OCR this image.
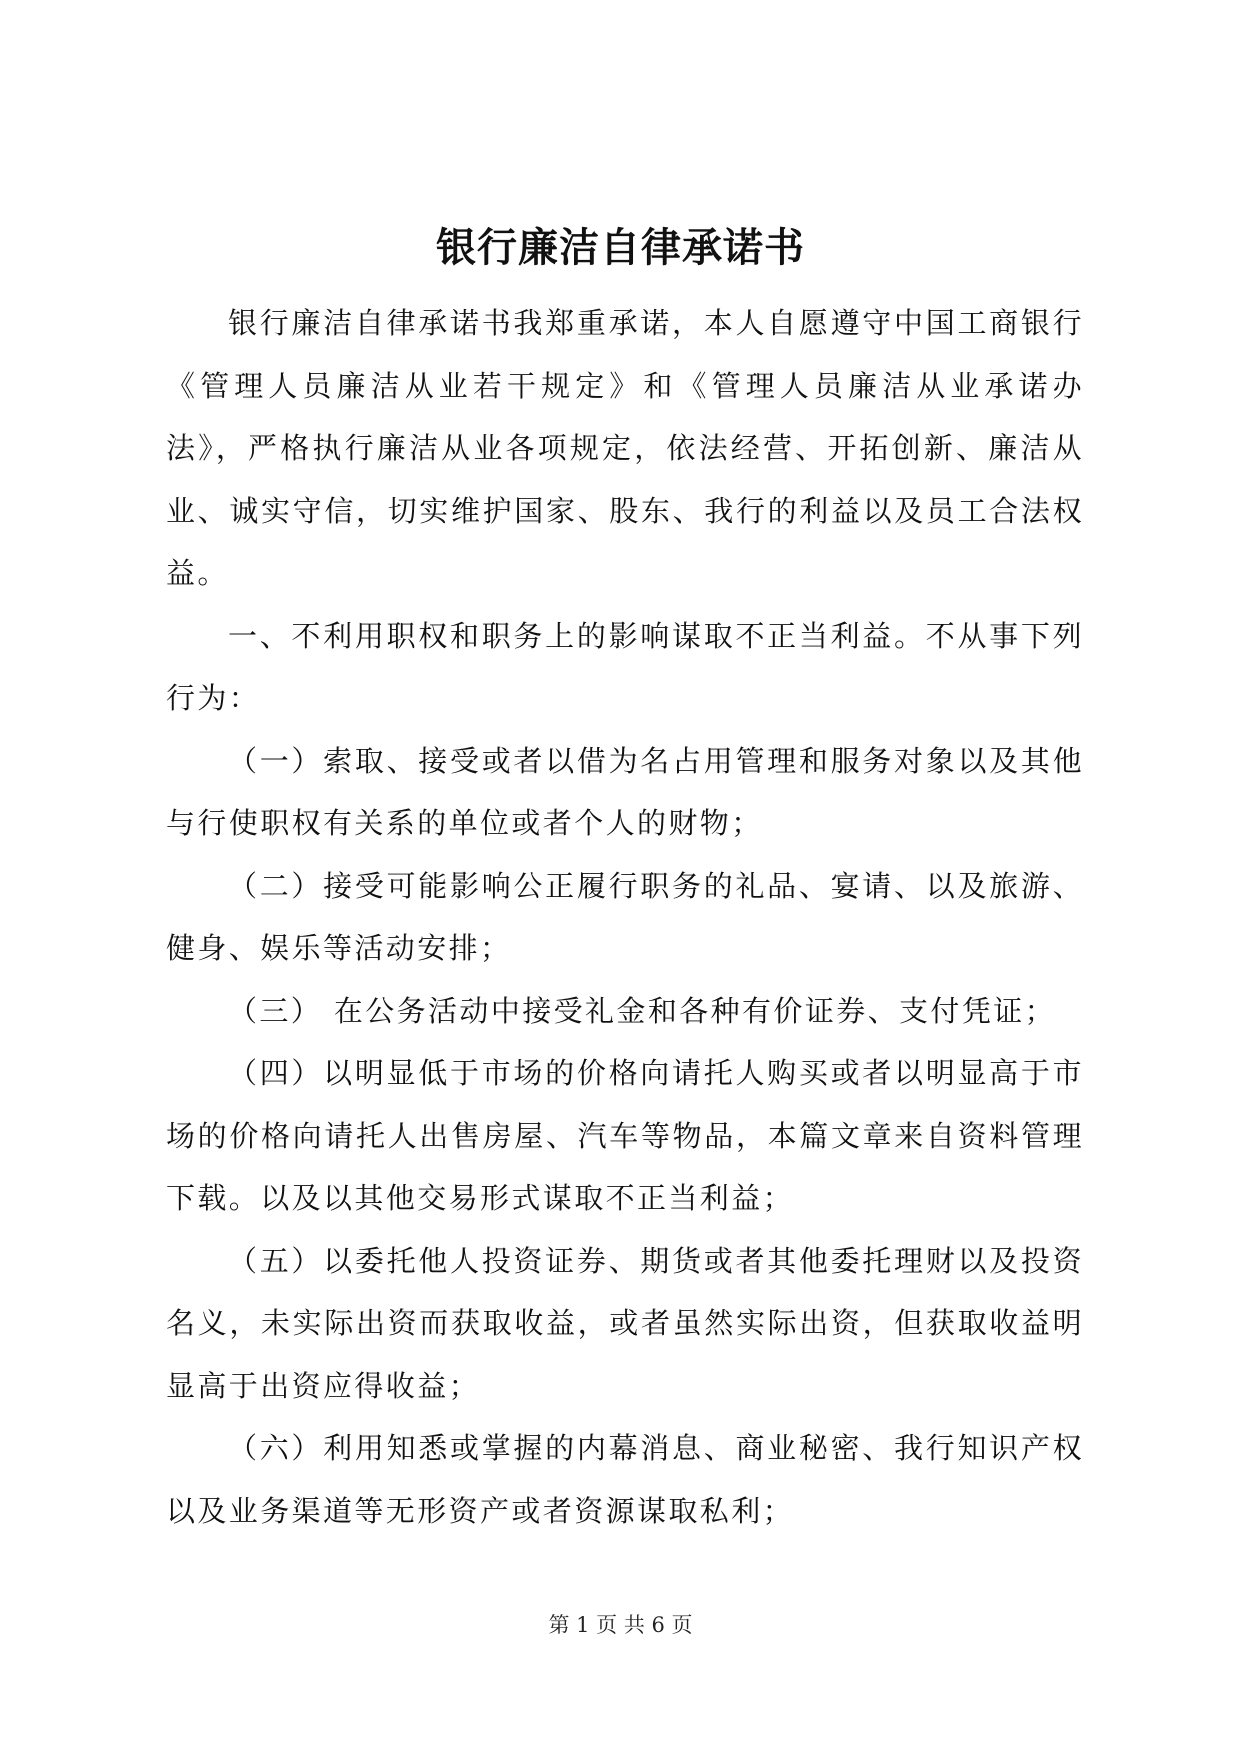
银行廉洁自律承诺书

银行廉洁自律承诺书我郑重承诺，本人自愿遵守中国工商银行《管理人员廉洁从业若干规定》和《管理人员廉洁从业承诺办法》，严格执行廉洁从业各项规定，依法经营、开拓创新、廉洁从业、诚实守信，切实维护国家、股东、我行的利益以及员工合法权益。

一、不利用职权和职务上的影响谋取不正当利益。不从事下列行为：

（一）索取、接受或者以借为名占用管理和服务对象以及其他与行使职权有关系的单位或者个人的财物；

（二）接受可能影响公正履行职务的礼品、宴请、以及旅游、健身、娱乐等活动安排；

（三） 在公务活动中接受礼金和各种有价证券、支付凭证；

（四）以明显低于市场的价格向请托人购买或者以明显高于市场的价格向请托人出售房屋、汽车等物品，本篇文章来自资料管理下载。以及以其他交易形式谋取不正当利益；

（五）以委托他人投资证券、期货或者其他委托理财以及投资名义，未实际出资而获取收益，或者虽然实际出资，但获取收益明显高于出资应得收益；

（六）利用知悉或掌握的内幕消息、商业秘密、我行知识产权以及业务渠道等无形资产或者资源谋取私利；

第 1 页 共 6 页
